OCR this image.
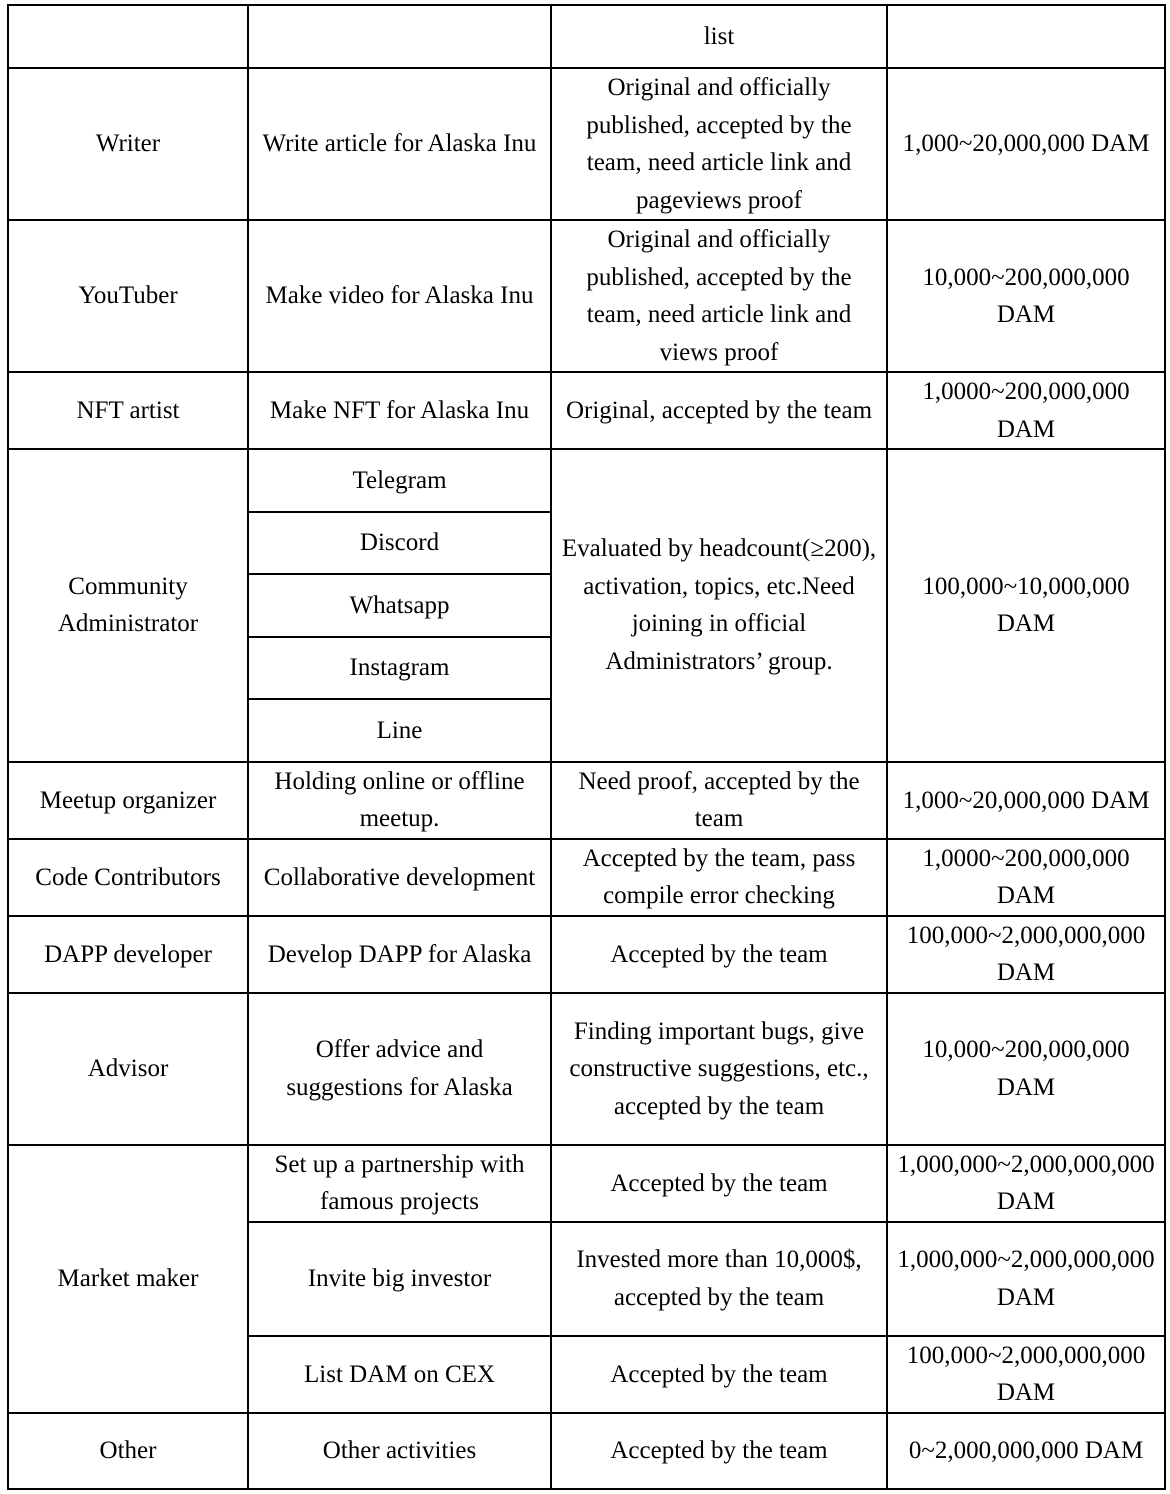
		list	
Writer	Write article for Alaska Inu	Original and officially published, accepted by the team, need article link and pageviews proof	1,000~20,000,000 DAM
YouTuber	Make video for Alaska Inu	Original and officially published, accepted by the team, need article link and views proof	10,000~200,000,000 DAM
NFT artist	Make NFT for Alaska Inu	Original, accepted by the team	1,0000~200,000,000 DAM
Community Administrator	Telegram	Evaluated by headcount(≥200), activation, topics, etc.Need joining in official Administrators’ group.	100,000~10,000,000 DAM
	Discord		
	Whatsapp		
	Instagram		
	Line		
Meetup organizer	Holding online or offline meetup.	Need proof, accepted by the team	1,000~20,000,000 DAM
Code Contributors	Collaborative development	Accepted by the team, pass compile error checking	1,0000~200,000,000 DAM
DAPP developer	Develop DAPP for Alaska	Accepted by the team	100,000~2,000,000,000 DAM
Advisor	Offer advice and suggestions for Alaska	Finding important bugs, give constructive suggestions, etc., accepted by the team	10,000~200,000,000 DAM
Market maker	Set up a partnership with famous projects	Accepted by the team	1,000,000~2,000,000,000 DAM
	Invite big investor	Invested more than 10,000$, accepted by the team	1,000,000~2,000,000,000 DAM
	List DAM on CEX	Accepted by the team	100,000~2,000,000,000 DAM
Other	Other activities	Accepted by the team	0~2,000,000,000 DAM
